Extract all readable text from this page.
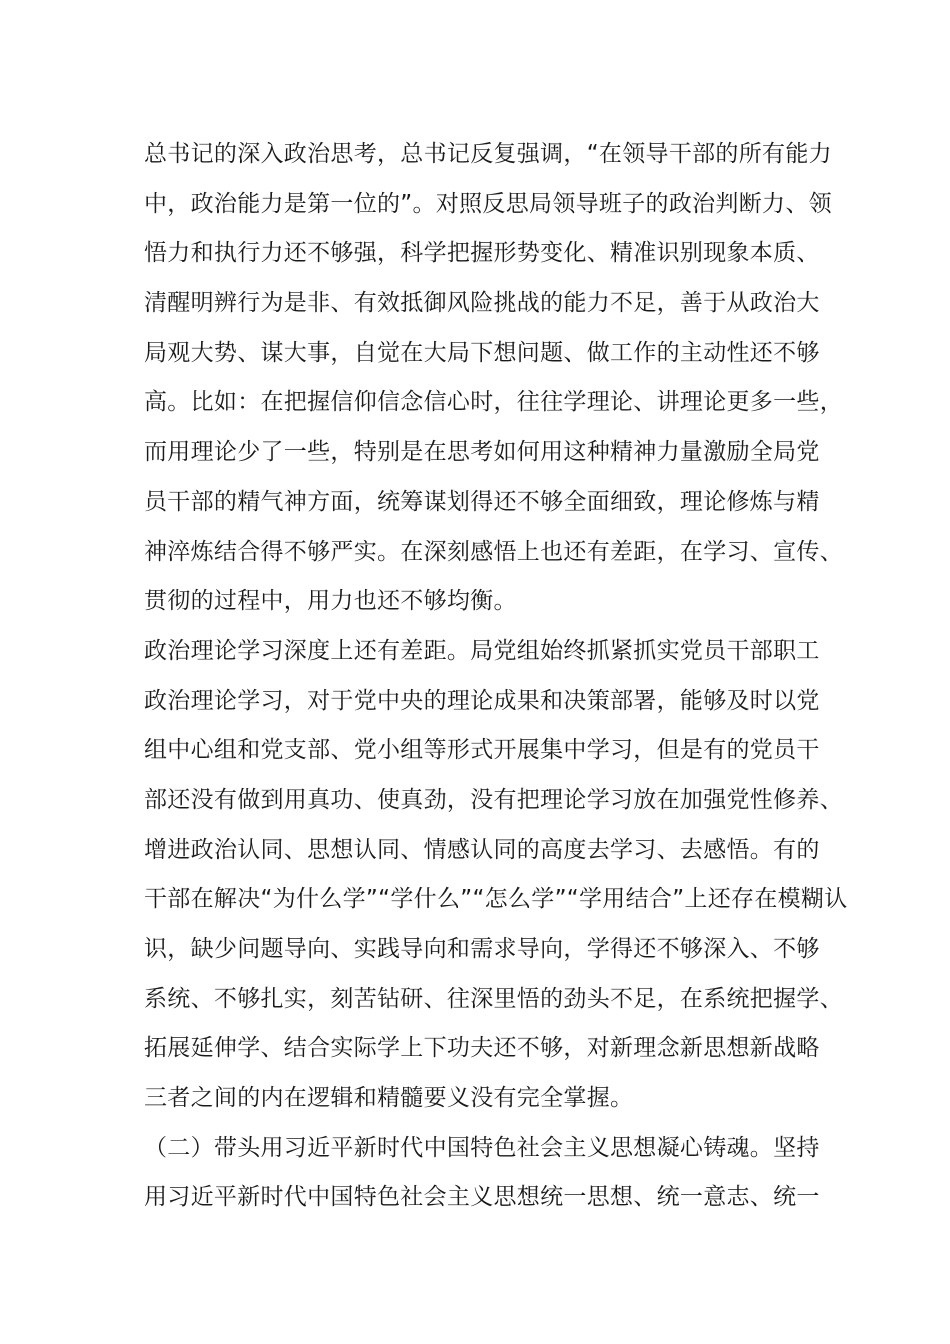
总书记的深入政治思考，总书记反复强调，“在领导干部的所有能力
中，政治能力是第一位的”。对照反思局领导班子的政治判断力、领
悟力和执行力还不够强，科学把握形势变化、精准识别现象本质、
清醒明辨行为是非、有效抵御风险挑战的能力不足，善于从政治大
局观大势、谋大事，自觉在大局下想问题、做工作的主动性还不够
高。比如：在把握信仰信念信心时，往往学理论、讲理论更多一些，
而用理论少了一些，特别是在思考如何用这种精神力量激励全局党
员干部的精气神方面，统筹谋划得还不够全面细致，理论修炼与精
神淬炼结合得不够严实。在深刻感悟上也还有差距，在学习、宣传、
贯彻的过程中，用力也还不够均衡。
政治理论学习深度上还有差距。局党组始终抓紧抓实党员干部职工
政治理论学习，对于党中央的理论成果和决策部署，能够及时以党
组中心组和党支部、党小组等形式开展集中学习，但是有的党员干
部还没有做到用真功、使真劲，没有把理论学习放在加强党性修养、
增进政治认同、思想认同、情感认同的高度去学习、去感悟。有的
干部在解决“为什么学”“学什么”“怎么学”“学用结合”上还存在模糊认
识，缺少问题导向、实践导向和需求导向，学得还不够深入、不够
系统、不够扎实，刻苦钻研、往深里悟的劲头不足，在系统把握学、
拓展延伸学、结合实际学上下功夫还不够，对新理念新思想新战略
三者之间的内在逻辑和精髓要义没有完全掌握。
（二）带头用习近平新时代中国特色社会主义思想凝心铸魂。坚持
用习近平新时代中国特色社会主义思想统一思想、统一意志、统一
